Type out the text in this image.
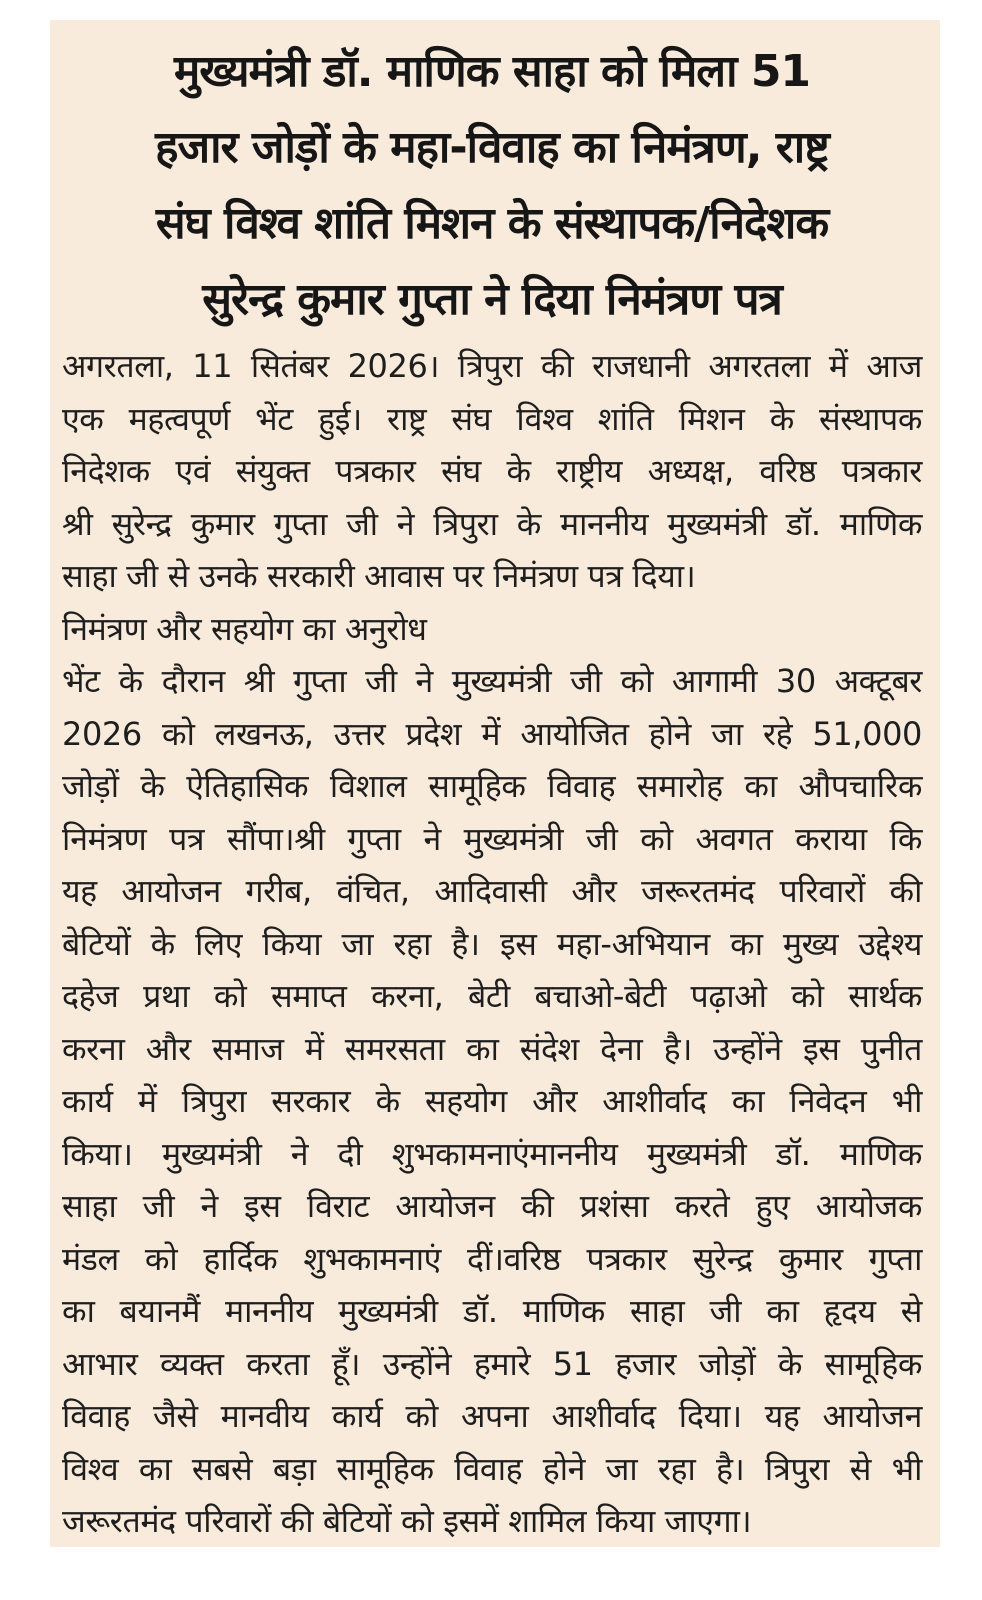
मुख्यमंत्री डॉ. माणिक साहा को मिला 51
हजार जोड़ों के महा-विवाह का निमंत्रण, राष्ट्र
संघ विश्व शांति मिशन के संस्थापक/निदेशक
सुरेन्द्र कुमार गुप्ता ने दिया निमंत्रण पत्र
अगरतला, 11 सितंबर 2026। त्रिपुरा की राजधानी अगरतला में आज
एक महत्वपूर्ण भेंट हुई। राष्ट्र संघ विश्व शांति मिशन के संस्थापक
निदेशक एवं संयुक्त पत्रकार संघ के राष्ट्रीय अध्यक्ष, वरिष्ठ पत्रकार
श्री सुरेन्द्र कुमार गुप्ता जी ने त्रिपुरा के माननीय मुख्यमंत्री डॉ. माणिक
साहा जी से उनके सरकारी आवास पर निमंत्रण पत्र दिया।
निमंत्रण और सहयोग का अनुरोध
भेंट के दौरान श्री गुप्ता जी ने मुख्यमंत्री जी को आगामी 30 अक्टूबर
2026 को लखनऊ, उत्तर प्रदेश में आयोजित होने जा रहे 51,000
जोड़ों के ऐतिहासिक विशाल सामूहिक विवाह समारोह का औपचारिक
निमंत्रण पत्र सौंपा।श्री गुप्ता ने मुख्यमंत्री जी को अवगत कराया कि
यह आयोजन गरीब, वंचित, आदिवासी और जरूरतमंद परिवारों की
बेटियों के लिए किया जा रहा है। इस महा-अभियान का मुख्य उद्देश्य
दहेज प्रथा को समाप्त करना, बेटी बचाओ-बेटी पढ़ाओ को सार्थक
करना और समाज में समरसता का संदेश देना है। उन्होंने इस पुनीत
कार्य में त्रिपुरा सरकार के सहयोग और आशीर्वाद का निवेदन भी
किया। मुख्यमंत्री ने दी शुभकामनाएंमाननीय मुख्यमंत्री डॉ. माणिक
साहा जी ने इस विराट आयोजन की प्रशंसा करते हुए आयोजक
मंडल को हार्दिक शुभकामनाएं दीं।वरिष्ठ पत्रकार सुरेन्द्र कुमार गुप्ता
का बयानमैं माननीय मुख्यमंत्री डॉ. माणिक साहा जी का हृदय से
आभार व्यक्त करता हूँ। उन्होंने हमारे 51 हजार जोड़ों के सामूहिक
विवाह जैसे मानवीय कार्य को अपना आशीर्वाद दिया। यह आयोजन
विश्व का सबसे बड़ा सामूहिक विवाह होने जा रहा है। त्रिपुरा से भी
जरूरतमंद परिवारों की बेटियों को इसमें शामिल किया जाएगा।
